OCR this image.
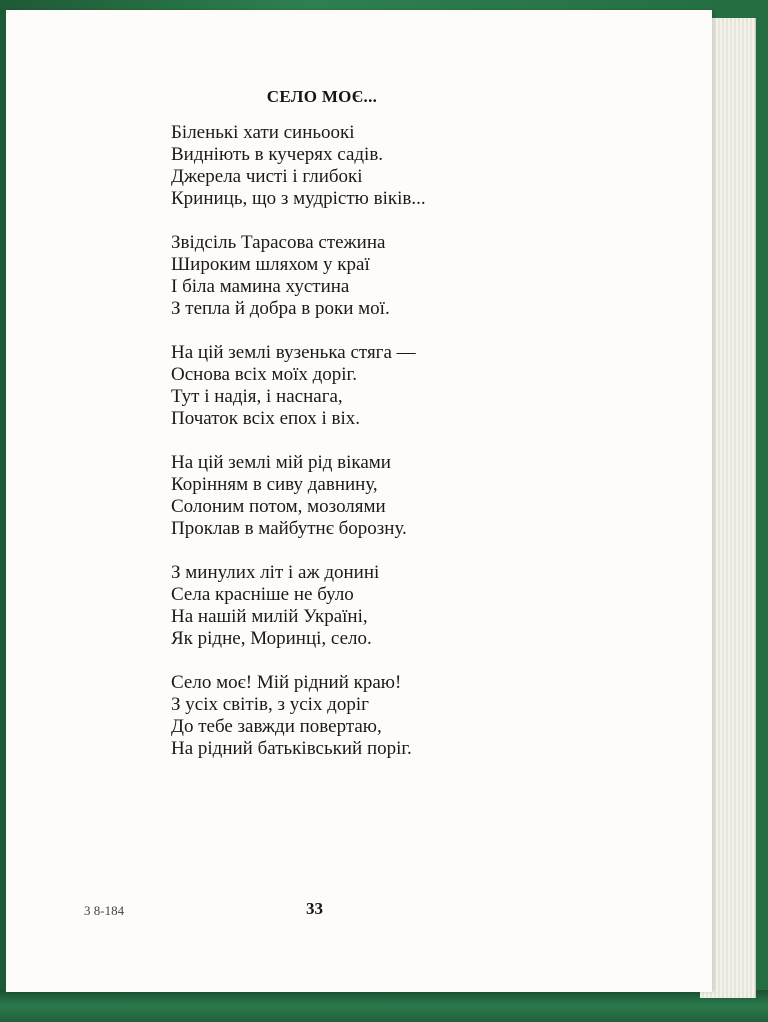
СЕЛО МОЄ...
Біленькі хати синьоокі
Видніють в кучерях садів.
Джерела чисті і глибокі
Криниць, що з мудрістю віків...
Звідсіль Тарасова стежина
Широким шляхом у краї
І біла мамина хустина
З тепла й добра в роки мої.
На цій землі вузенька стяга —
Основа всіх моїх доріг.
Тут і надія, і наснага,
Початок всіх епох і віх.
На цій землі мій рід віками
Корінням в сиву давнину,
Солоним потом, мозолями
Проклав в майбутнє борозну.
З минулих літ і аж донині
Села красніше не було
На нашій милій Україні,
Як рідне, Моринці, село.
Село моє! Мій рідний краю!
З усіх світів, з усіх доріг
До тебе завжди повертаю,
На рідний батьківський поріг.
3 8-184	33
